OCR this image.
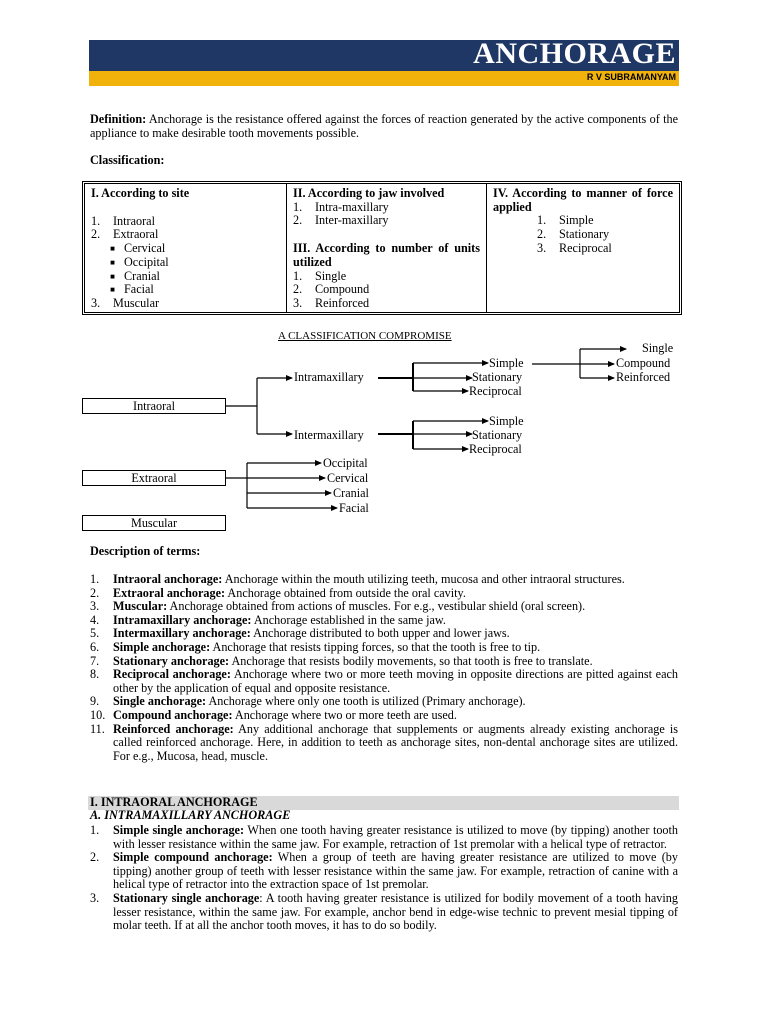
ANCHORAGE
R V SUBRAMANYAM
Definition: Anchorage is the resistance offered against the forces of reaction generated by the active components of the appliance to make desirable tooth movements possible.
Classification:
I. According to site
1. Intraoral
2. Extraoral
■ Cervical
■ Occipital
■ Cranial
■ Facial
3. Muscular
II. According to jaw involved
1. Intra-maxillary
2. Inter-maxillary
III. According to number of units utilized
1. Single
2. Compound
3. Reinforced
IV. According to manner of force applied
1. Simple
2. Stationary
3. Reciprocal
A CLASSIFICATION COMPROMISE
Intraoral
Extraoral
Muscular
Intramaxillary
Intermaxillary
Simple
Stationary
Reciprocal
Simple
Stationary
Reciprocal
Single
Compound
Reinforced
Occipital
Cervical
Cranial
Facial
Description of terms:
1. Intraoral anchorage: Anchorage within the mouth utilizing teeth, mucosa and other intraoral structures.
2. Extraoral anchorage: Anchorage obtained from outside the oral cavity.
3. Muscular: Anchorage obtained from actions of muscles. For e.g., vestibular shield (oral screen).
4. Intramaxillary anchorage: Anchorage established in the same jaw.
5. Intermaxillary anchorage: Anchorage distributed to both upper and lower jaws.
6. Simple anchorage: Anchorage that resists tipping forces, so that the tooth is free to tip.
7. Stationary anchorage: Anchorage that resists bodily movements, so that tooth is free to translate.
8. Reciprocal anchorage: Anchorage where two or more teeth moving in opposite directions are pitted against each other by the application of equal and opposite resistance.
9. Single anchorage: Anchorage where only one tooth is utilized (Primary anchorage).
10. Compound anchorage: Anchorage where two or more teeth are used.
11. Reinforced anchorage: Any additional anchorage that supplements or augments already existing anchorage is called reinforced anchorage. Here, in addition to teeth as anchorage sites, non-dental anchorage sites are utilized. For e.g., Mucosa, head, muscle.
I. INTRAORAL ANCHORAGE
A. INTRAMAXILLARY ANCHORAGE
1. Simple single anchorage: When one tooth having greater resistance is utilized to move (by tipping) another tooth with lesser resistance within the same jaw. For example, retraction of 1st premolar with a helical type of retractor.
2. Simple compound anchorage: When a group of teeth are having greater resistance are utilized to move (by tipping) another group of teeth with lesser resistance within the same jaw. For example, retraction of canine with a helical type of retractor into the extraction space of 1st premolar.
3. Stationary single anchorage: A tooth having greater resistance is utilized for bodily movement of a tooth having lesser resistance, within the same jaw. For example, anchor bend in edge-wise technic to prevent mesial tipping of molar teeth. If at all the anchor tooth moves, it has to do so bodily.
